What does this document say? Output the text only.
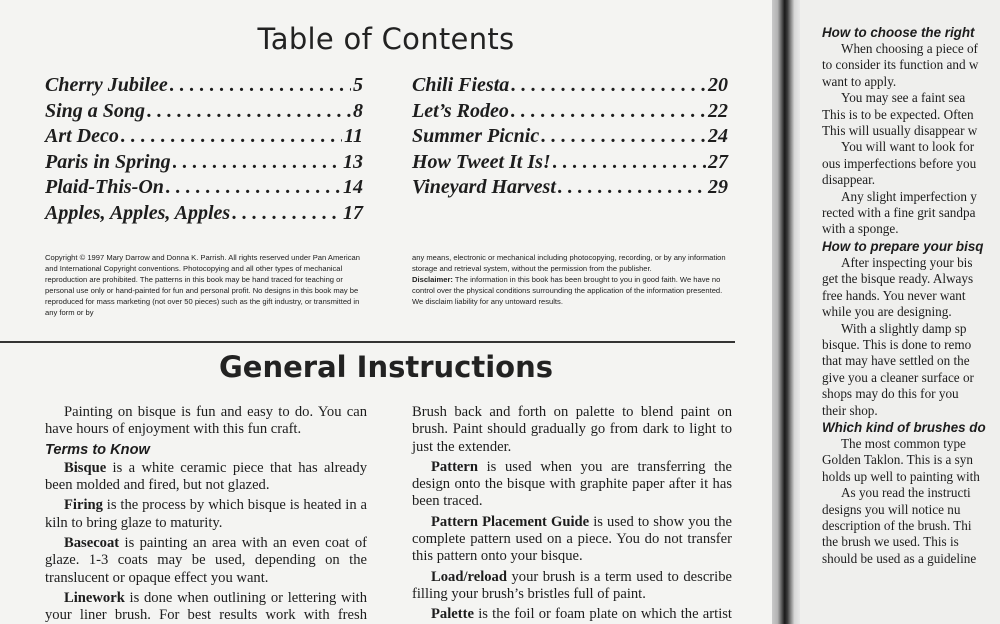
Table of Contents
Cherry Jubilee . . .	5
Sing a Song . . .	8
Art Deco . . .	11
Paris in Spring . . .	13
Plaid-This-On . . .	14
Apples, Apples, Apples . . .	17
Chili Fiesta . . .	20
Let’s Rodeo . . .	22
Summer Picnic . . .	24
How Tweet It Is! . . .	27
Vineyard Harvest . . .	29
Copyright © 1997 Mary Darrow and Donna K. Parrish. All rights reserved under Pan American and International Copyright conventions. Photocopying and all other types of mechanical reproduction are prohibited. The patterns in this book may be hand traced for teaching or personal use only or hand-painted for fun and personal profit. No designs in this book may be reproduced for mass marketing (not over 50 pieces) such as the gift industry, or transmitted in any form or by
any means, electronic or mechanical including photocopying, recording, or by any information storage and retrieval system, without the permission from the publisher.
Disclaimer: The information in this book has been brought to you in good faith. We have no control over the physical conditions surrounding the application of the information presented. We disclaim liability for any untoward results.
General Instructions

Painting on bisque is fun and easy to do. You can have hours of enjoyment with this fun craft.

Terms to Know

Bisque is a white ceramic piece that has already been molded and fired, but not glazed.

Firing is the process by which bisque is heated in a kiln to bring glaze to maturity.

Basecoat is painting an area with an even coat of glaze. 1-3 coats may be used, depending on the translucent or opaque effect you want.

Linework is done when outlining or lettering with your liner brush. For best results work with fresh

Brush back and forth on palette to blend paint on brush. Paint should gradually go from dark to light to just the extender.

Pattern is used when you are transferring the design onto the bisque with graphite paper after it has been traced.

Pattern Placement Guide is used to show you the complete pattern used on a piece. You do not transfer this pattern onto your bisque.

Load/reload your brush is a term used to describe filling your brush’s bristles full of paint.

Palette is the foil or foam plate on which the artist

How to choose the right
When choosing a piece of
to consider its function and w
want to apply.
You may see a faint sea
This is to be expected. Often
This will usually disappear w
You will want to look for
ous imperfections before you
disappear.
Any slight imperfection y
rected with a fine grit sandpa
with a sponge.
How to prepare your bisq
After inspecting your bis
get the bisque ready. Always
free hands. You never want
while you are designing.
With a slightly damp sp
bisque. This is done to remo
that may have settled on the
give you a cleaner surface or
shops may do this for you
their shop.
Which kind of brushes do
The most common type
Golden Taklon. This is a syn
holds up well to painting with
As you read the instructi
designs you will notice nu
description of the brush. Thi
the brush we used. This is
should be used as a guideline
